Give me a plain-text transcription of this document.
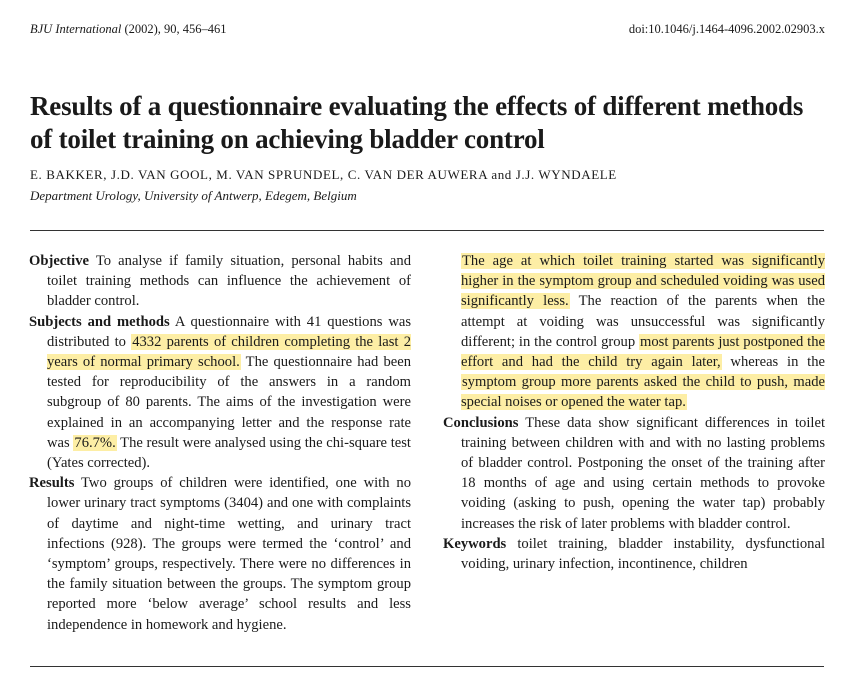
BJU International (2002), 90, 456–461	doi:10.1046/j.1464-4096.2002.02903.x
Results of a questionnaire evaluating the effects of different methods of toilet training on achieving bladder control
E. BAKKER, J.D. VAN GOOL, M. VAN SPRUNDEL, C. VAN DER AUWERA and J.J. WYNDAELE
Department Urology, University of Antwerp, Edegem, Belgium

Objective To analyse if family situation, personal habits and toilet training methods can influence the achievement of bladder control.

Subjects and methods A questionnaire with 41 questions was distributed to 4332 parents of children completing the last 2 years of normal primary school. The questionnaire had been tested for reproducibility of the answers in a random subgroup of 80 parents. The aims of the investigation were explained in an accompanying letter and the response rate was 76.7%. The result were analysed using the chi-square test (Yates corrected).

Results Two groups of children were identified, one with no lower urinary tract symptoms (3404) and one with complaints of daytime and night-time wetting, and urinary tract infections (928). The groups were termed the ‘control’ and ‘symptom’ groups, respectively. There were no differences in the family situation between the groups. The symptom group reported more ‘below average’ school results and less independence in homework and hygiene.

The age at which toilet training started was significantly higher in the symptom group and scheduled voiding was used significantly less. The reaction of the parents when the attempt at voiding was unsuccessful was significantly different; in the control group most parents just postponed the effort and had the child try again later, whereas in the symptom group more parents asked the child to push, made special noises or opened the water tap.

Conclusions These data show significant differences in toilet training between children with and with no lasting problems of bladder control. Postponing the onset of the training after 18 months of age and using certain methods to provoke voiding (asking to push, opening the water tap) probably increases the risk of later problems with bladder control.

Keywords toilet training, bladder instability, dysfunctional voiding, urinary infection, incontinence, children
